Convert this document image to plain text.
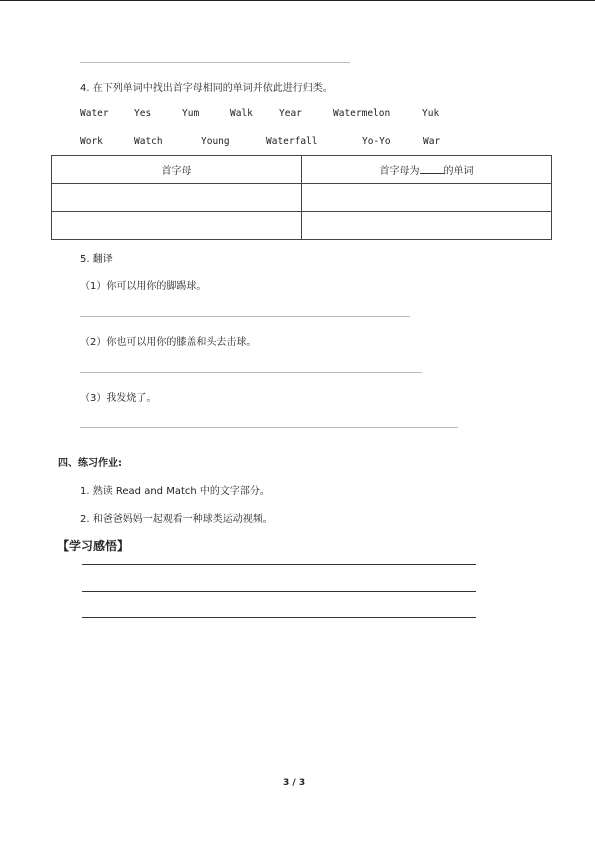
4. 在下列单词中找出首字母相同的单词并依此进行归类。
Water	Yes	Yum	Walk	Year	Watermelon	Yuk
Work	Watch	Young	Waterfall	Yo-Yo	War
首字母	首字母为 的单词

5. 翻译
（1）你可以用你的脚踢球。
（2）你也可以用你的膝盖和头去击球。
（3）我发烧了。
四、练习作业:
1. 熟读 Read and Match 中的文字部分。
2. 和爸爸妈妈一起观看一种球类运动视频。
【学习感悟】
3 / 3
